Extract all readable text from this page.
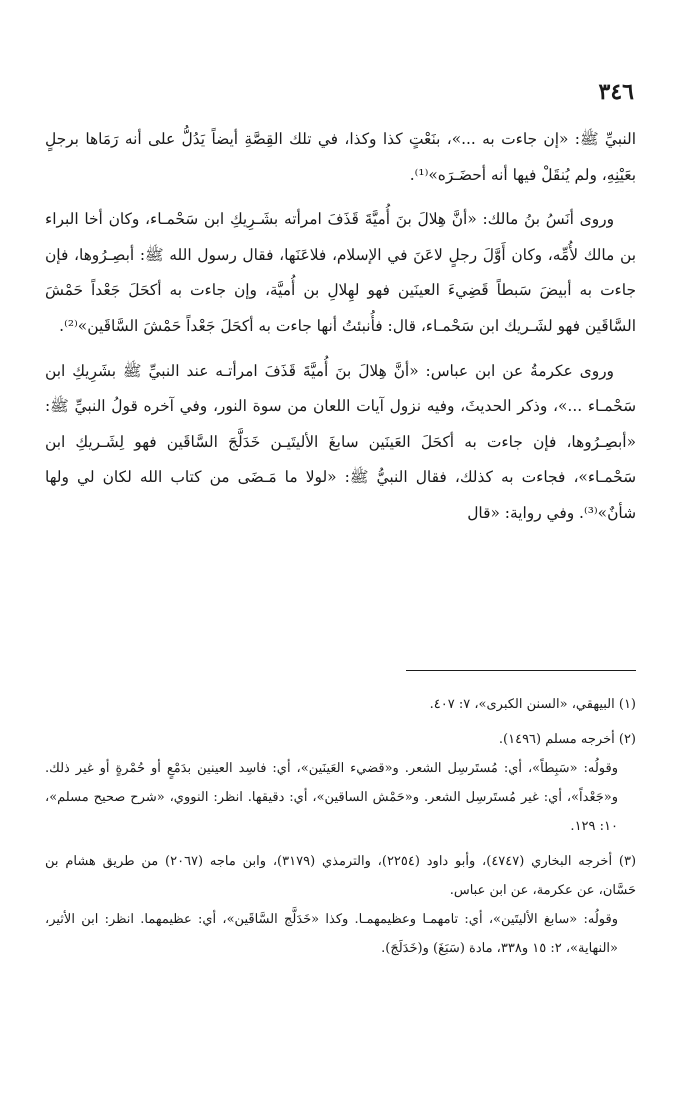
٣٤٦

النبيِّ ﷺ: «إن جاءت به ...»، بنَعْتٍ كذا وكذا، في تلك القِصَّةِ أيضاً يَدُلُّ على أنه رَمَاها برجلٍ بعَيْنِهِ، ولم يُنقَلْ فيها أنه أحضَـرَه»⁽¹⁾.

وروى أنَسُ بنُ مالك: «أنَّ هِلالَ بنَ أُميَّةَ قَذَفَ امرأته بشَـرِيكِ ابن سَحْمـاء، وكان أخا البراء بن مالك لأُمِّه، وكان أَوَّلَ رجلٍ لاعَنَ في الإسلام، فلاعَنَها، فقال رسول الله ﷺ: أبصِـرُوها، فإن جاءت به أبيضَ سَبطاً قَضِيءَ العينَين فهو لهِلالِ بن أُميَّة، وإن جاءت به أكحَلَ جَعْداً حَمْشَ السَّاقَين فهو لشَـريك ابن سَحْمـاء، قال: فأُنبئتُ أنها جاءت به أكحَلَ جَعْداً حَمْشَ السَّاقَين»⁽²⁾.

وروى عكرمةُ عن ابن عباس: «أنَّ هِلالَ بنَ أُميَّةَ قَذَفَ امرأتـه عند النبيِّ ﷺ بشَرِيكِ ابن سَحْمـاء ...»، وذكر الحديثَ، وفيه نزول آيات اللعان من سوة النور، وفي آخره قولُ النبيِّ ﷺ: «أبصِـرُوها، فإن جاءت به أكحَلَ العَينَين سابغَ الأليتَيـن خَدَلَّجَ السَّاقَين فهو لِشَـريكِ ابن سَحْمـاء»، فجاءت به كذلك، فقال النبيُّ ﷺ: «لولا ما مَـضَى من كتاب الله لكان لي ولها شأنٌ»⁽³⁾. وفي رواية: «قال

(١) البيهقي، «السنن الكبرى»، ٧: ٤٠٧.

(٢) أخرجه مسلم (١٤٩٦).

وقولُه: «سَبِطاً»، أي: مُستَرسِل الشعر. و«قضيء العَينَين»، أي: فاسِد العينين بدَمْعٍ أو حُمْرةٍ أو غير ذلك. و«جَعْداً»، أي: غير مُستَرسِل الشعر. و«حَمْش الساقين»، أي: دقيقها. انظر: النووي، «شرح صحيح مسلم»، ١٠: ١٢٩.

(٣) أخرجه البخاري (٤٧٤٧)، وأبو داود (٢٢٥٤)، والترمذي (٣١٧٩)، وابن ماجه (٢٠٦٧) من طريق هشام بن حَسَّان، عن عكرمة، عن ابن عباس.

وقولُه: «سابغ الأليتَين»، أي: تامهمـا وعظيمهمـا. وكذا «خَدَلَّج السَّاقَين»، أي: عظيمهما. انظر: ابن الأثير، «النهاية»، ٢: ١٥ و٣٣٨، مادة (سَبَغَ) و(خَدَلَجَ).
